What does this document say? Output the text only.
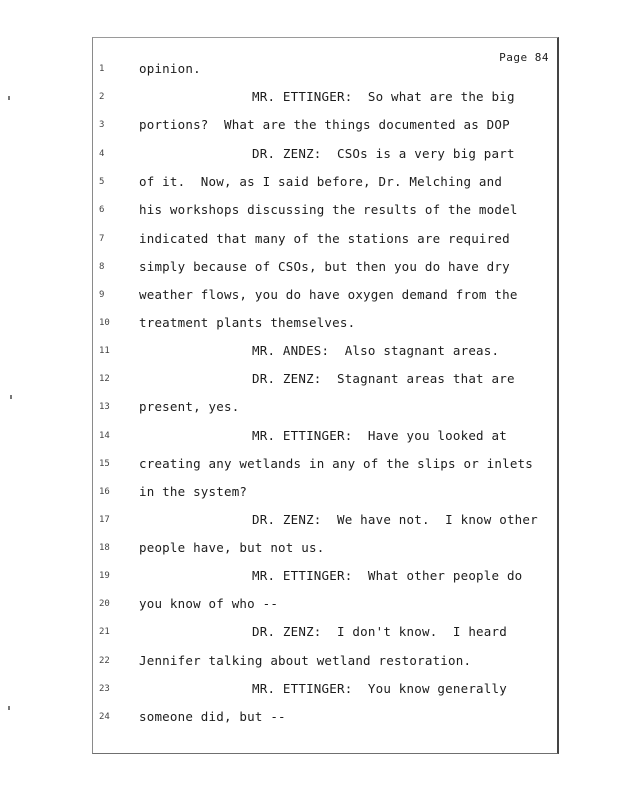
Page 84
1	opinion.
2	MR. ETTINGER:  So what are the big
3	portions?  What are the things documented as DOP
4	DR. ZENZ:  CSOs is a very big part
5	of it.  Now, as I said before, Dr. Melching and
6	his workshops discussing the results of the model
7	indicated that many of the stations are required
8	simply because of CSOs, but then you do have dry
9	weather flows, you do have oxygen demand from the
10	treatment plants themselves.
11	MR. ANDES:  Also stagnant areas.
12	DR. ZENZ:  Stagnant areas that are
13	present, yes.
14	MR. ETTINGER:  Have you looked at
15	creating any wetlands in any of the slips or inlets
16	in the system?
17	DR. ZENZ:  We have not.  I know other
18	people have, but not us.
19	MR. ETTINGER:  What other people do
20	you know of who --
21	DR. ZENZ:  I don't know.  I heard
22	Jennifer talking about wetland restoration.
23	MR. ETTINGER:  You know generally
24	someone did, but --
